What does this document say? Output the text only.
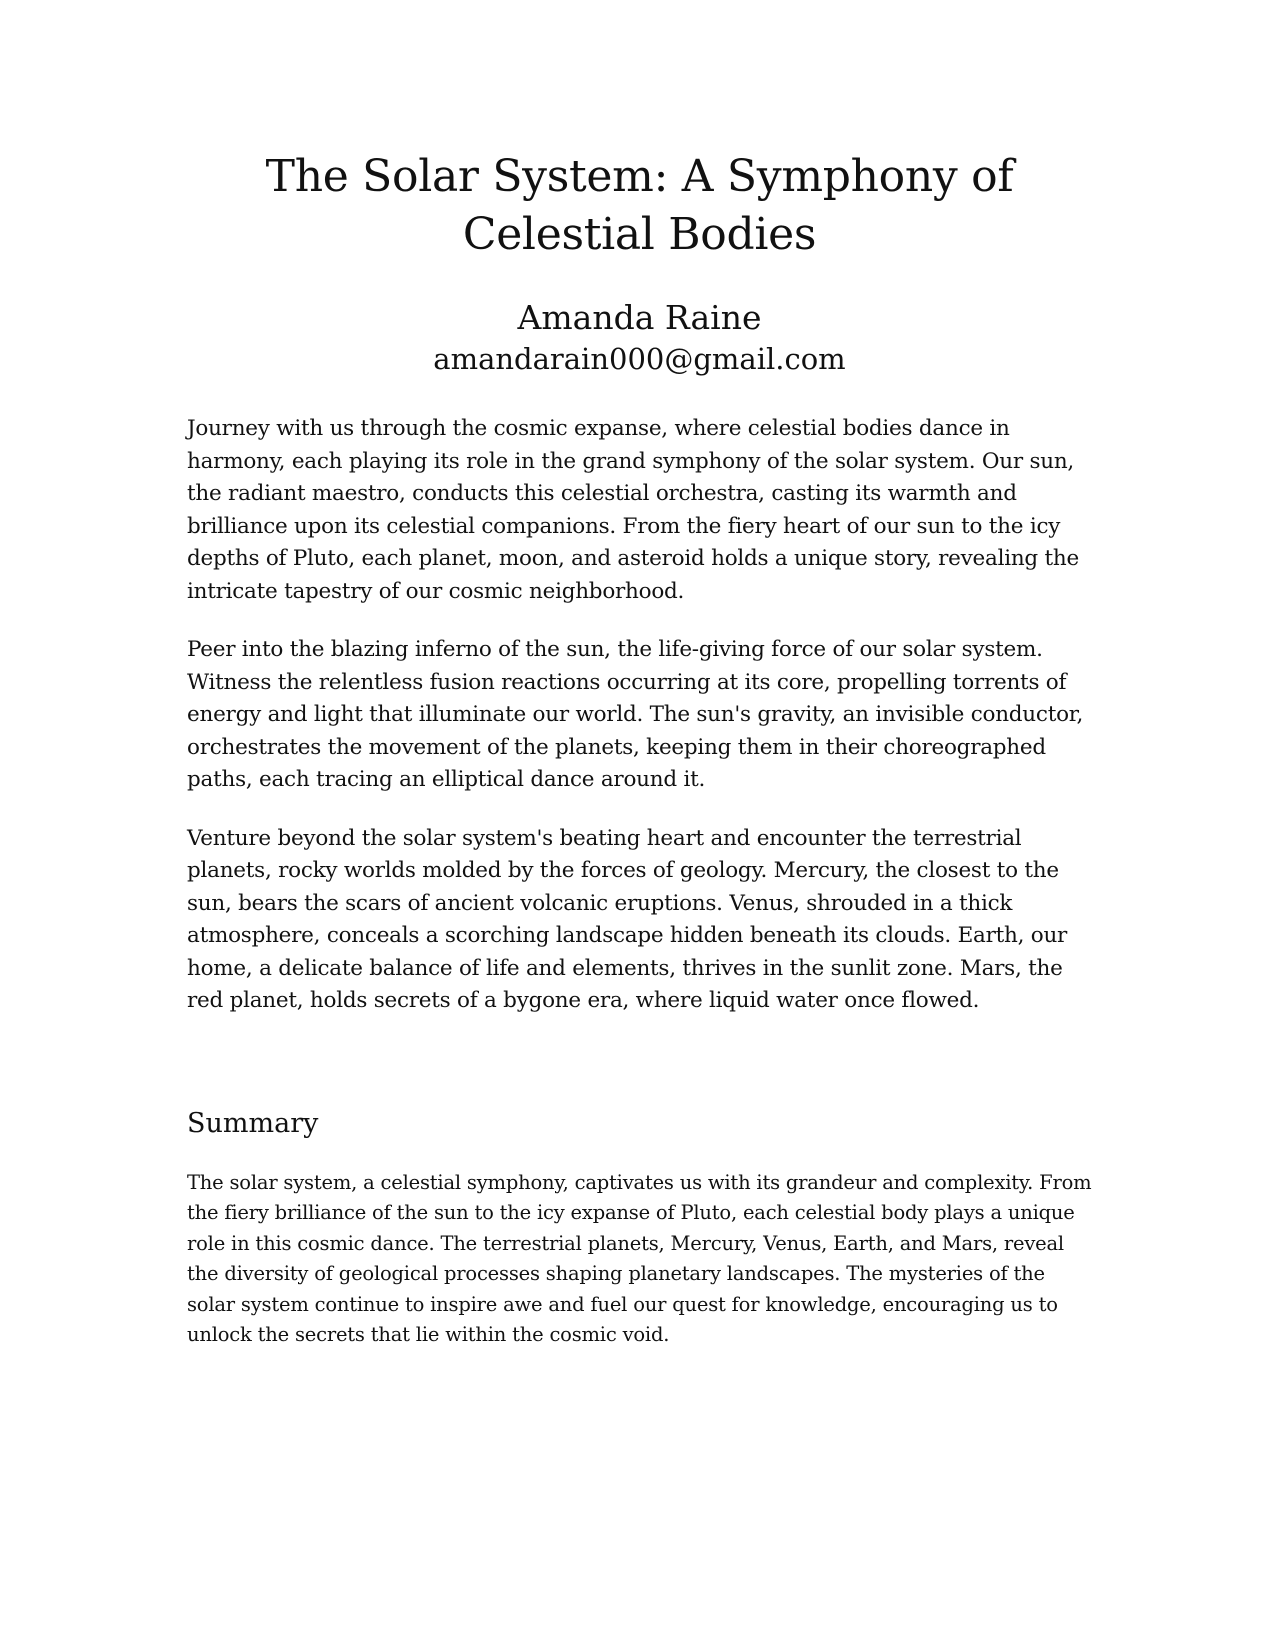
The Solar System: A Symphony of Celestial Bodies
Amanda Raine
amandarain000@gmail.com

Journey with us through the cosmic expanse, where celestial bodies dance in harmony, each playing its role in the grand symphony of the solar system. Our sun, the radiant maestro, conducts this celestial orchestra, casting its warmth and brilliance upon its celestial companions. From the fiery heart of our sun to the icy depths of Pluto, each planet, moon, and asteroid holds a unique story, revealing the intricate tapestry of our cosmic neighborhood.

Peer into the blazing inferno of the sun, the life-giving force of our solar system. Witness the relentless fusion reactions occurring at its core, propelling torrents of energy and light that illuminate our world. The sun's gravity, an invisible conductor, orchestrates the movement of the planets, keeping them in their choreographed paths, each tracing an elliptical dance around it.

Venture beyond the solar system's beating heart and encounter the terrestrial planets, rocky worlds molded by the forces of geology. Mercury, the closest to the sun, bears the scars of ancient volcanic eruptions. Venus, shrouded in a thick atmosphere, conceals a scorching landscape hidden beneath its clouds. Earth, our home, a delicate balance of life and elements, thrives in the sunlit zone. Mars, the red planet, holds secrets of a bygone era, where liquid water once flowed.

Summary

The solar system, a celestial symphony, captivates us with its grandeur and complexity. From the fiery brilliance of the sun to the icy expanse of Pluto, each celestial body plays a unique role in this cosmic dance. The terrestrial planets, Mercury, Venus, Earth, and Mars, reveal the diversity of geological processes shaping planetary landscapes. The mysteries of the solar system continue to inspire awe and fuel our quest for knowledge, encouraging us to unlock the secrets that lie within the cosmic void.
